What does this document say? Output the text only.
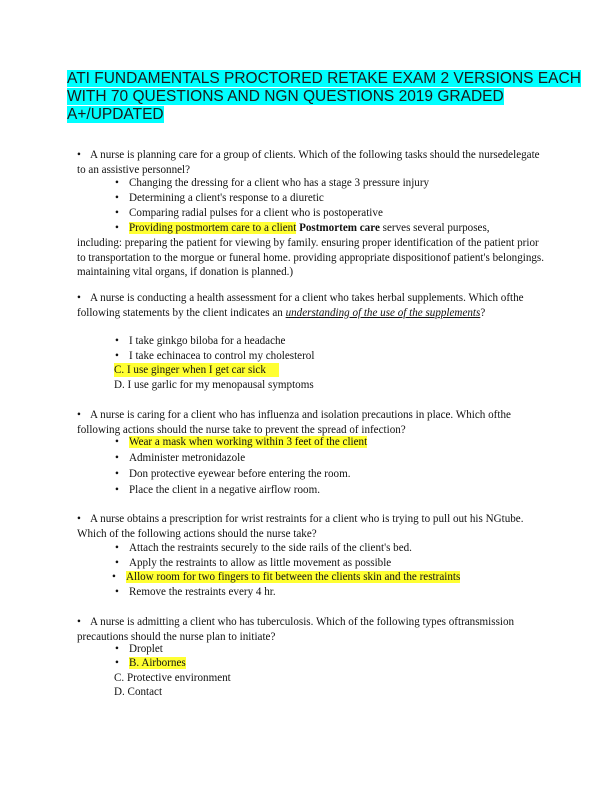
ATI FUNDAMENTALS PROCTORED RETAKE EXAM 2 VERSIONS EACH WITH 70 QUESTIONS AND NGN QUESTIONS 2019 GRADED A+/UPDATED

• A nurse is planning care for a group of clients. Which of the following tasks should the nursedelegate to an assistive personnel?

• Changing the dressing for a client who has a stage 3 pressure injury
• Determining a client's response to a diuretic
• Comparing radial pulses for a client who is postoperative
• Providing postmortem care to a client Postmortem care serves several purposes,

including: preparing the patient for viewing by family. ensuring proper identification of the patient prior to transportation to the morgue or funeral home. providing appropriate dispositionof patient's belongings. maintaining vital organs, if donation is planned.)

• A nurse is conducting a health assessment for a client who takes herbal supplements. Which ofthe following statements by the client indicates an understanding of the use of the supplements?

• I take ginkgo biloba for a headache
• I take echinacea to control my cholesterol
C. I use ginger when I get car sick
D. I use garlic for my menopausal symptoms

• A nurse is caring for a client who has influenza and isolation precautions in place. Which ofthe following actions should the nurse take to prevent the spread of infection?

• Wear a mask when working within 3 feet of the client
• Administer metronidazole
• Don protective eyewear before entering the room.
• Place the client in a negative airflow room.

• A nurse obtains a prescription for wrist restraints for a client who is trying to pull out his NGtube. Which of the following actions should the nurse take?

• Attach the restraints securely to the side rails of the client's bed.
• Apply the restraints to allow as little movement as possible
• Allow room for two fingers to fit between the clients skin and the restraints
• Remove the restraints every 4 hr.

• A nurse is admitting a client who has tuberculosis. Which of the following types oftransmission precautions should the nurse plan to initiate?

• Droplet
• B. Airbornes
C. Protective environment
D. Contact
